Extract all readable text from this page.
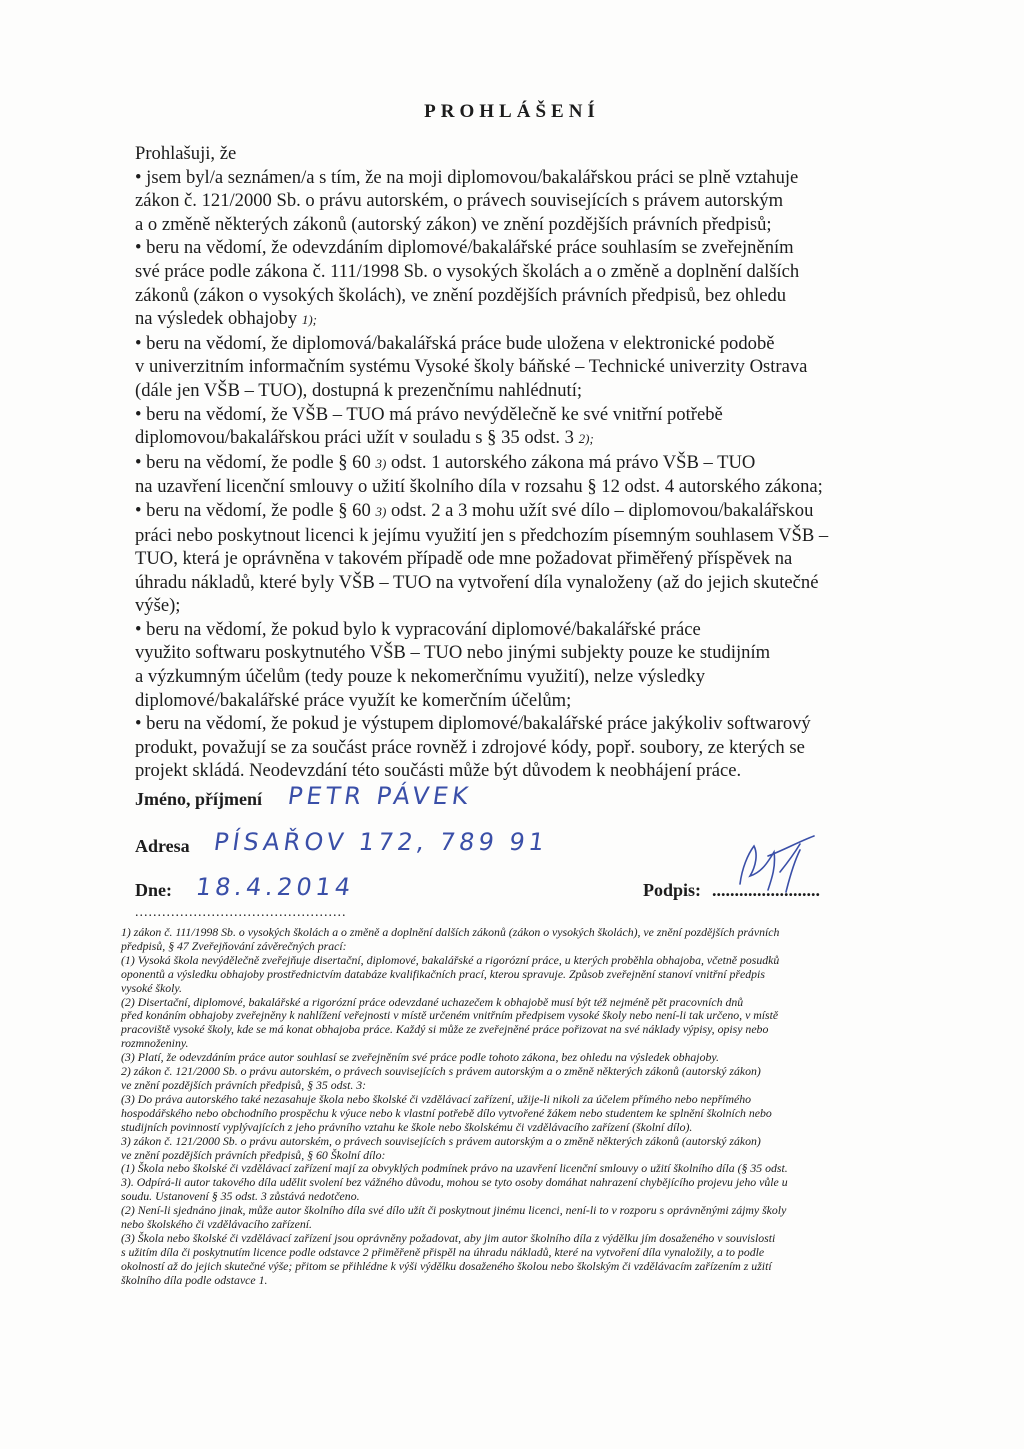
PROHLÁŠENÍ
Prohlašuji, že
• jsem byl/a seznámen/a s tím, že na moji diplomovou/bakalářskou práci se plně vztahuje
zákon č. 121/2000 Sb. o právu autorském, o právech souvisejících s právem autorským
a o změně některých zákonů (autorský zákon) ve znění pozdějších právních předpisů;
• beru na vědomí, že odevzdáním diplomové/bakalářské práce souhlasím se zveřejněním
své práce podle zákona č. 111/1998 Sb. o vysokých školách a o změně a doplnění dalších
zákonů (zákon o vysokých školách), ve znění pozdějších právních předpisů, bez ohledu
na výsledek obhajoby 1);
• beru na vědomí, že diplomová/bakalářská práce bude uložena v elektronické podobě
v univerzitním informačním systému Vysoké školy báňské – Technické univerzity Ostrava
(dále jen VŠB – TUO), dostupná k prezenčnímu nahlédnutí;
• beru na vědomí, že VŠB – TUO má právo nevýdělečně ke své vnitřní potřebě
diplomovou/bakalářskou práci užít v souladu s § 35 odst. 3 2);
• beru na vědomí, že podle § 60 3) odst. 1 autorského zákona má právo VŠB – TUO
na uzavření licenční smlouvy o užití školního díla v rozsahu § 12 odst. 4 autorského zákona;
• beru na vědomí, že podle § 60 3) odst. 2 a 3 mohu užít své dílo – diplomovou/bakalářskou
práci nebo poskytnout licenci k jejímu využití jen s předchozím písemným souhlasem VŠB –
TUO, která je oprávněna v takovém případě ode mne požadovat přiměřený příspěvek na
úhradu nákladů, které byly VŠB – TUO na vytvoření díla vynaloženy (až do jejich skutečné
výše);
• beru na vědomí, že pokud bylo k vypracování diplomové/bakalářské práce
využito softwaru poskytnutého VŠB – TUO nebo jinými subjekty pouze ke studijním
a výzkumným účelům (tedy pouze k nekomerčnímu využití), nelze výsledky
diplomové/bakalářské práce využít ke komerčním účelům;
• beru na vědomí, že pokud je výstupem diplomové/bakalářské práce jakýkoliv softwarový
produkt, považují se za součást práce rovněž i zdrojové kódy, popř. soubory, ze kterých se
projekt skládá. Neodevzdání této součásti může být důvodem k neobhájení práce.
Jméno, příjmení PETR PÁVEK
Adresa PÍSAŘOV 172, 789 91
Dne: 18.4.2014	Podpis: ........................
...............................................
1) zákon č. 111/1998 Sb. o vysokých školách a o změně a doplnění dalších zákonů (zákon o vysokých školách), ve znění pozdějších právních
předpisů, § 47 Zveřejňování závěrečných prací:
(1) Vysoká škola nevýdělečně zveřejňuje disertační, diplomové, bakalářské a rigorózní práce, u kterých proběhla obhajoba, včetně posudků
oponentů a výsledku obhajoby prostřednictvím databáze kvalifikačních prací, kterou spravuje. Způsob zveřejnění stanoví vnitřní předpis
vysoké školy.
(2) Disertační, diplomové, bakalářské a rigorózní práce odevzdané uchazečem k obhajobě musí být též nejméně pět pracovních dnů
před konáním obhajoby zveřejněny k nahlížení veřejnosti v místě určeném vnitřním předpisem vysoké školy nebo není-li tak určeno, v místě
pracoviště vysoké školy, kde se má konat obhajoba práce. Každý si může ze zveřejněné práce pořizovat na své náklady výpisy, opisy nebo
rozmnoženiny.
(3) Platí, že odevzdáním práce autor souhlasí se zveřejněním své práce podle tohoto zákona, bez ohledu na výsledek obhajoby.
2) zákon č. 121/2000 Sb. o právu autorském, o právech souvisejících s právem autorským a o změně některých zákonů (autorský zákon)
ve znění pozdějších právních předpisů, § 35 odst. 3:
(3) Do práva autorského také nezasahuje škola nebo školské či vzdělávací zařízení, užije-li nikoli za účelem přímého nebo nepřímého
hospodářského nebo obchodního prospěchu k výuce nebo k vlastní potřebě dílo vytvořené žákem nebo studentem ke splnění školních nebo
studijních povinností vyplývajících z jeho právního vztahu ke škole nebo školskému či vzdělávacího zařízení (školní dílo).
3) zákon č. 121/2000 Sb. o právu autorském, o právech souvisejících s právem autorským a o změně některých zákonů (autorský zákon)
ve znění pozdějších právních předpisů, § 60 Školní dílo:
(1) Škola nebo školské či vzdělávací zařízení mají za obvyklých podmínek právo na uzavření licenční smlouvy o užití školního díla (§ 35 odst.
3). Odpírá-li autor takového díla udělit svolení bez vážného důvodu, mohou se tyto osoby domáhat nahrazení chybějícího projevu jeho vůle u
soudu. Ustanovení § 35 odst. 3 zůstává nedotčeno.
(2) Není-li sjednáno jinak, může autor školního díla své dílo užít či poskytnout jinému licenci, není-li to v rozporu s oprávněnými zájmy školy
nebo školského či vzdělávacího zařízení.
(3) Škola nebo školské či vzdělávací zařízení jsou oprávněny požadovat, aby jim autor školního díla z výdělku jím dosaženého v souvislosti
s užitím díla či poskytnutím licence podle odstavce 2 přiměřeně přispěl na úhradu nákladů, které na vytvoření díla vynaložily, a to podle
okolností až do jejich skutečné výše; přitom se přihlédne k výši výdělku dosaženého školou nebo školským či vzdělávacím zařízením z užití
školního díla podle odstavce 1.
